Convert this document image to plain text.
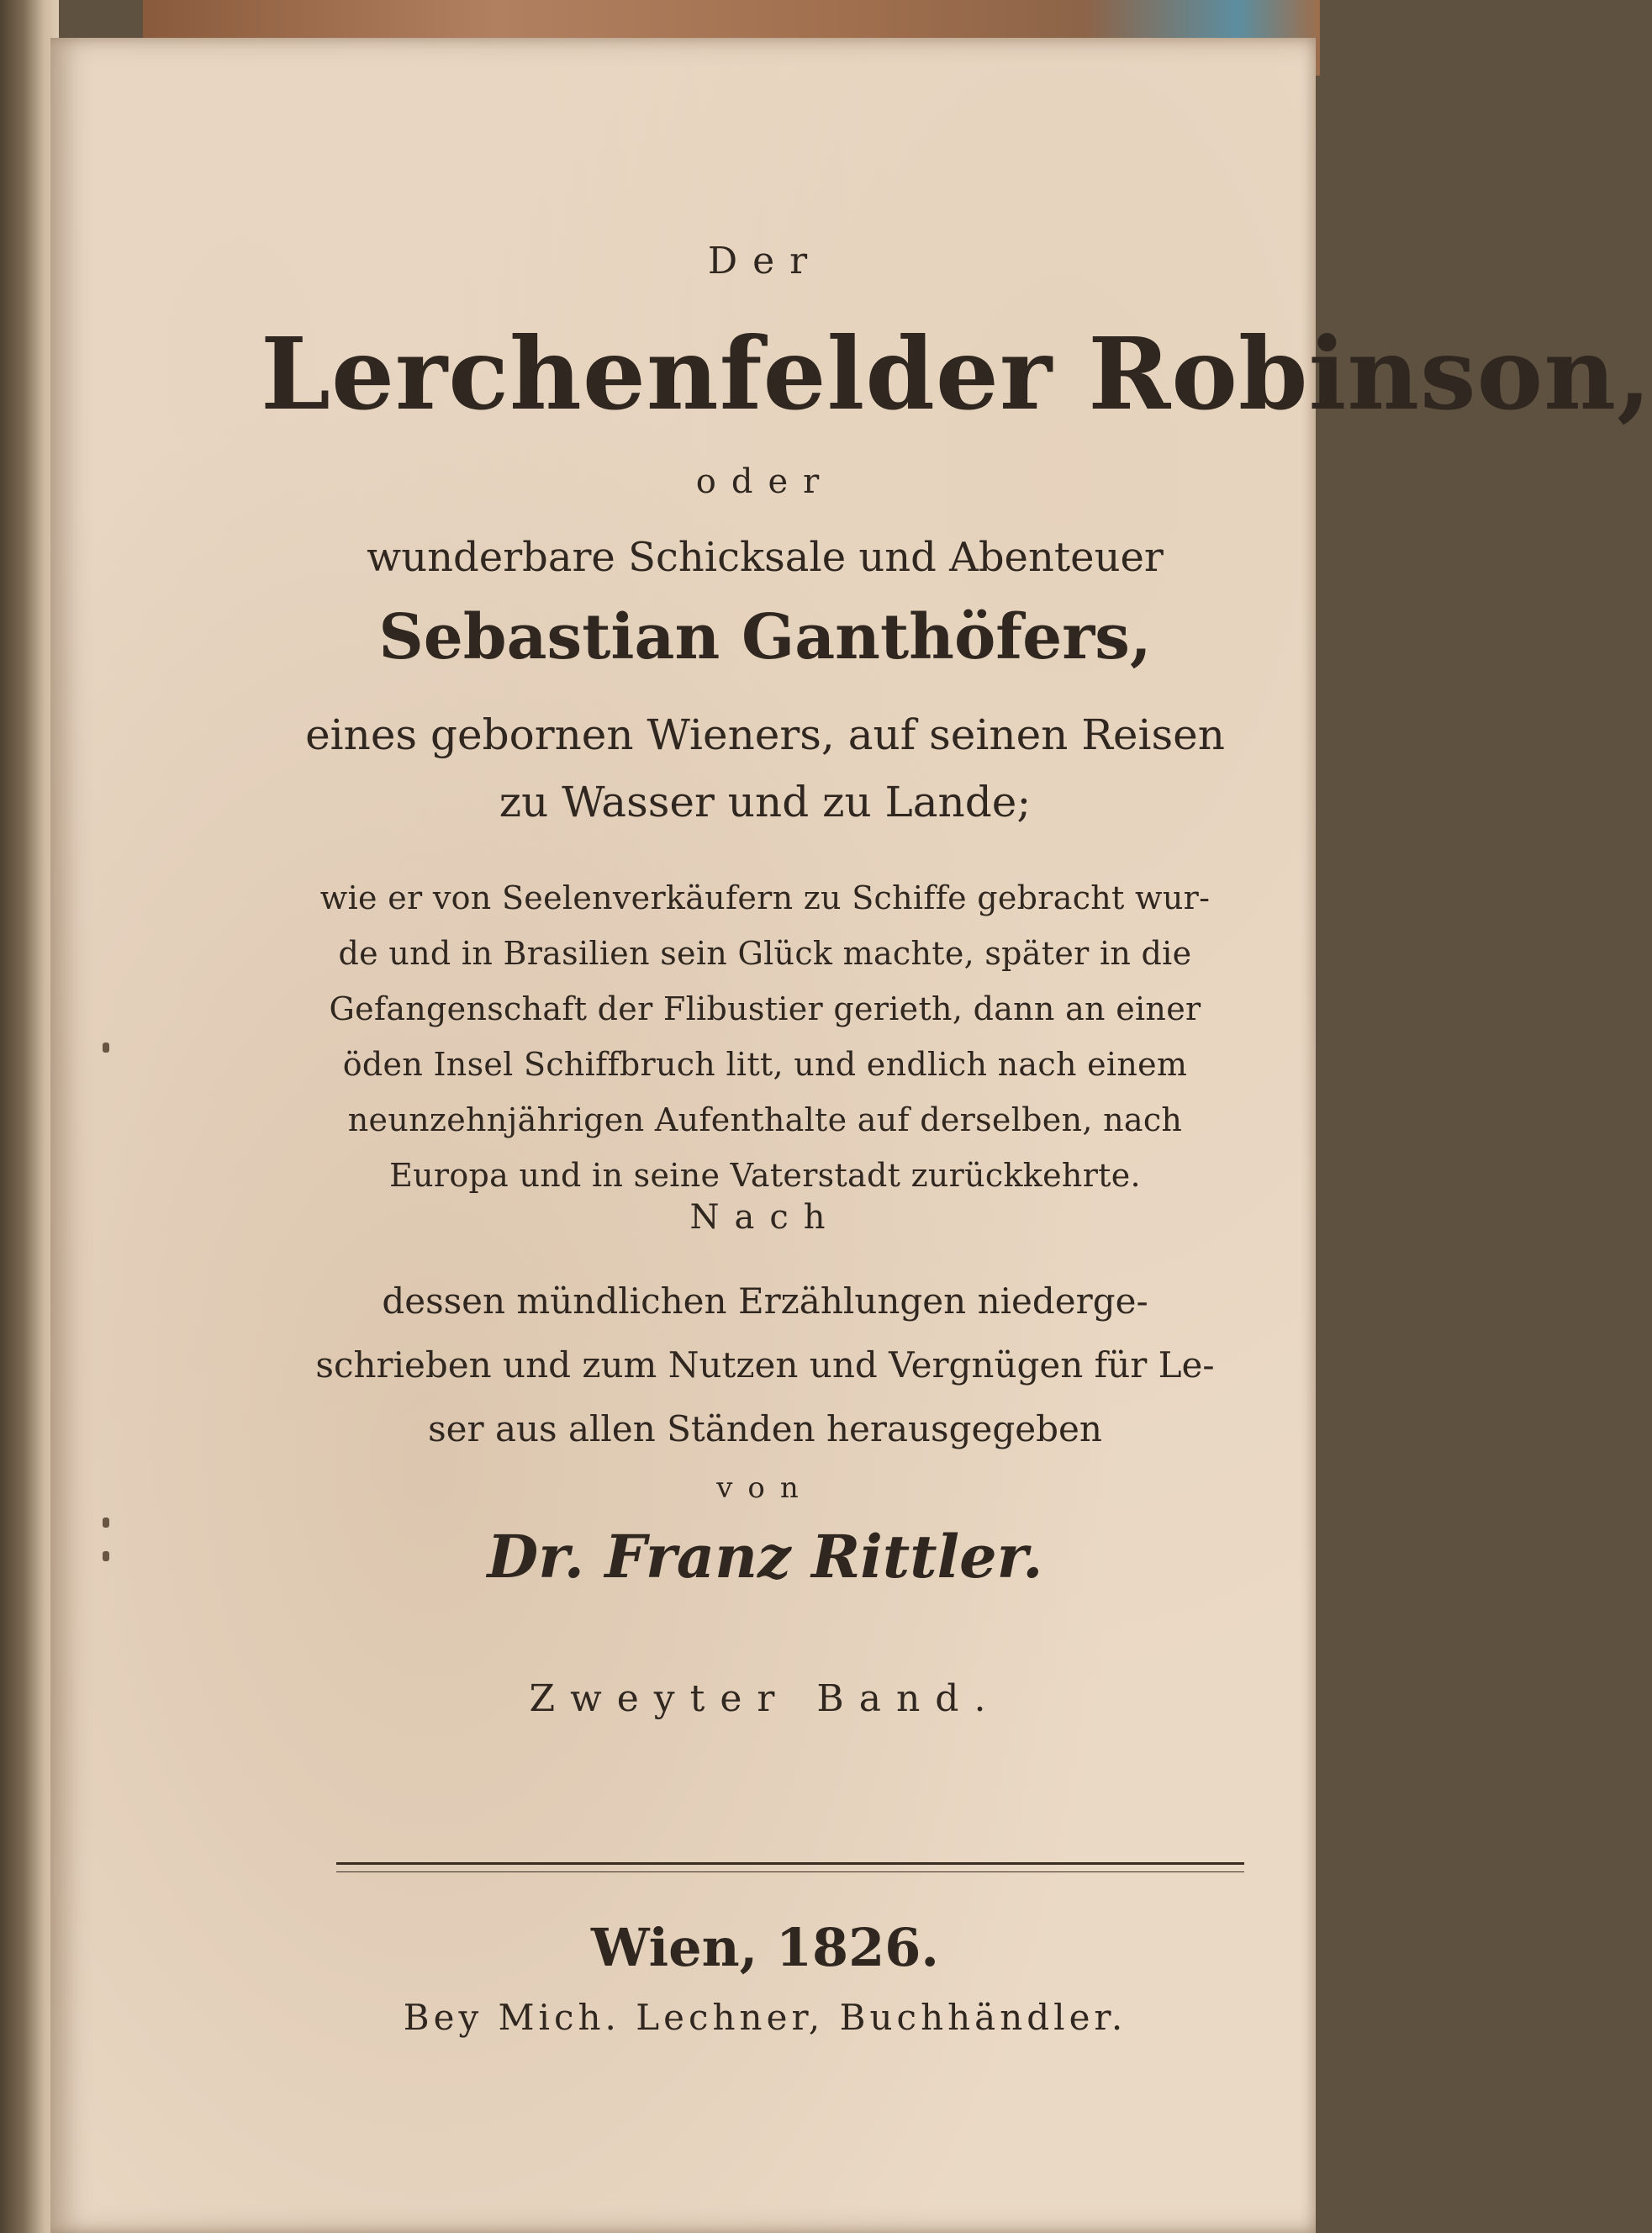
Der

Lerchenfelder Robinson,

oder

wunderbare Schicksale und Abenteuer

Sebastian Ganthöfers,

eines gebornen Wieners, auf seinen Reisen

zu Wasser und zu Lande;

wie er von Seelenverkäufern zu Schiffe gebracht wur-
de und in Brasilien sein Glück machte, später in die
Gefangenschaft der Flibustier gerieth, dann an einer
öden Insel Schiffbruch litt, und endlich nach einem
neunzehnjährigen Aufenthalte auf derselben, nach
Europa und in seine Vaterstadt zurückkehrte.

Nach

dessen mündlichen Erzählungen niederge-
schrieben und zum Nutzen und Vergnügen für Le-
ser aus allen Ständen herausgegeben

von

Dr. Franz Rittler.

Zweyter Band.

Wien, 1826.

Bey Mich. Lechner, Buchhändler.
